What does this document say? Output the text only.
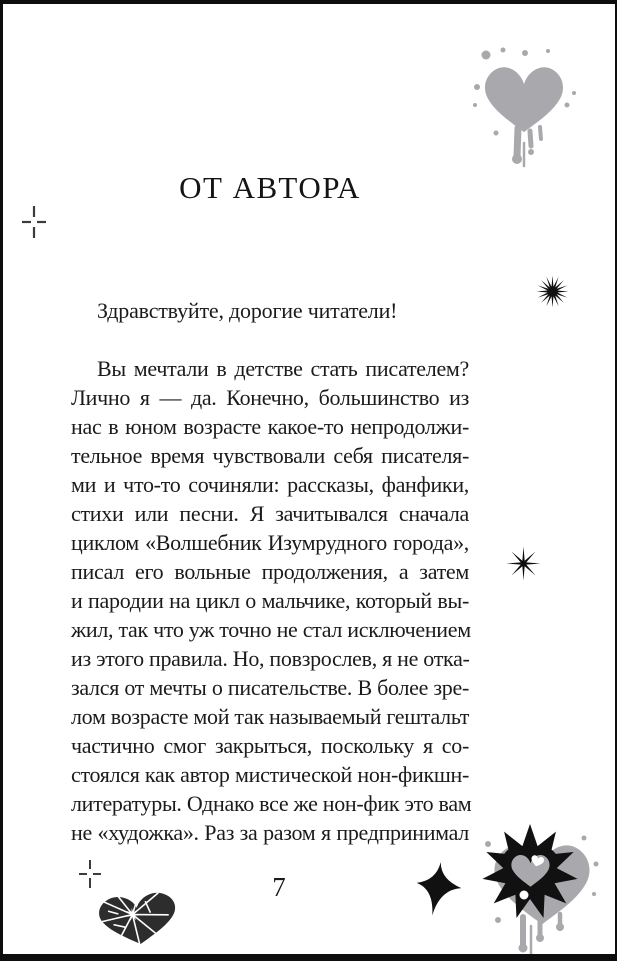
ОТ АВТОРА

Здравствуйте, дорогие читатели!

Вы мечтали в детстве стать писателем?
Лично я — да. Конечно, большинство из
нас в юном возрасте какое-то непродолжи-
тельное время чувствовали себя писателя-
ми и что-то сочиняли: рассказы, фанфики,
стихи или песни. Я зачитывался сначала
циклом «Волшебник Изумрудного города»,
писал его вольные продолжения, а затем
и пародии на цикл о мальчике, который вы-
жил, так что уж точно не стал исключением
из этого правила. Но, повзрослев, я не отка-
зался от мечты о писательстве. В более зре-
лом возрасте мой так называемый гештальт
частично смог закрыться, поскольку я со-
стоялся как автор мистической нон-фикшн-
литературы. Однако все же нон-фик это вам
не «художка». Раз за разом я предпринимал
7
